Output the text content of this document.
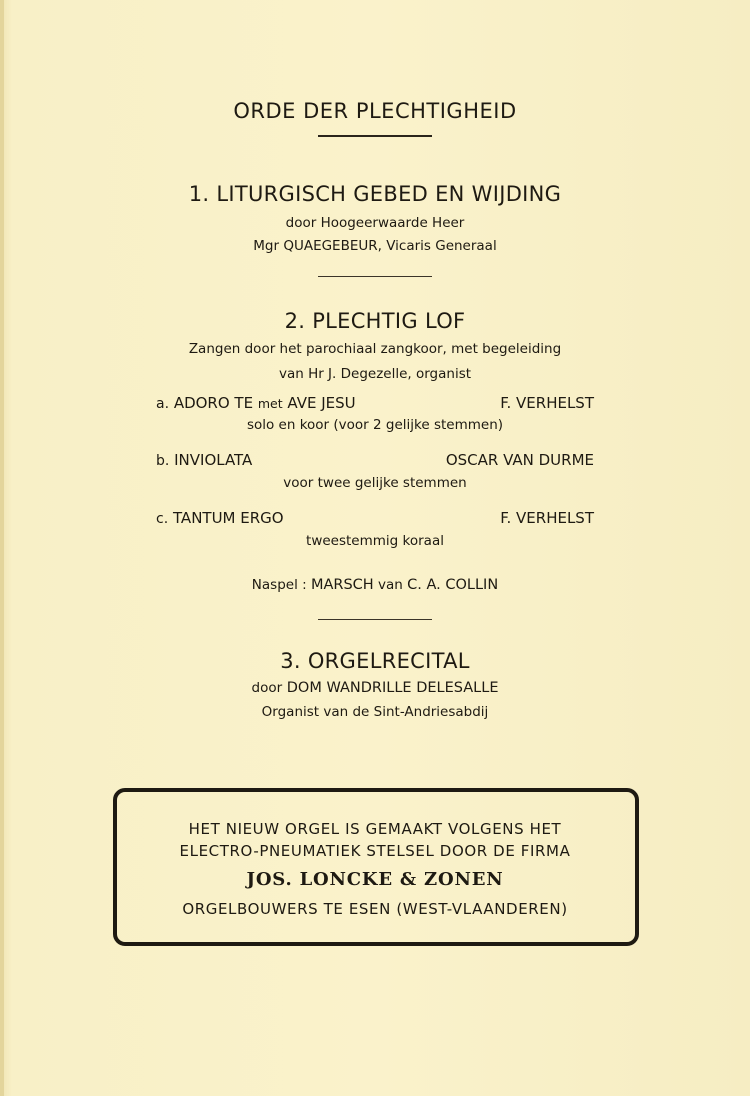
ORDE DER PLECHTIGHEID
1. LITURGISCH GEBED EN WIJDING
door Hoogeerwaarde Heer
Mgr QUAEGEBEUR, Vicaris Generaal
2. PLECHTIG LOF
Zangen door het parochiaal zangkoor, met begeleiding
van Hr J. Degezelle, organist
a. ADORO TE met AVE JESU	F. VERHELST
solo en koor (voor 2 gelijke stemmen)
b. INVIOLATA	OSCAR VAN DURME
voor twee gelijke stemmen
c. TANTUM ERGO	F. VERHELST
tweestemmig koraal
Naspel : MARSCH van C. A. COLLIN
3. ORGELRECITAL
door DOM WANDRILLE DELESALLE
Organist van de Sint-Andriesabdij
HET NIEUW ORGEL IS GEMAAKT VOLGENS HET
ELECTRO-PNEUMATIEK STELSEL DOOR DE FIRMA
JOS. LONCKE & ZONEN
ORGELBOUWERS TE ESEN (WEST-VLAANDEREN)
